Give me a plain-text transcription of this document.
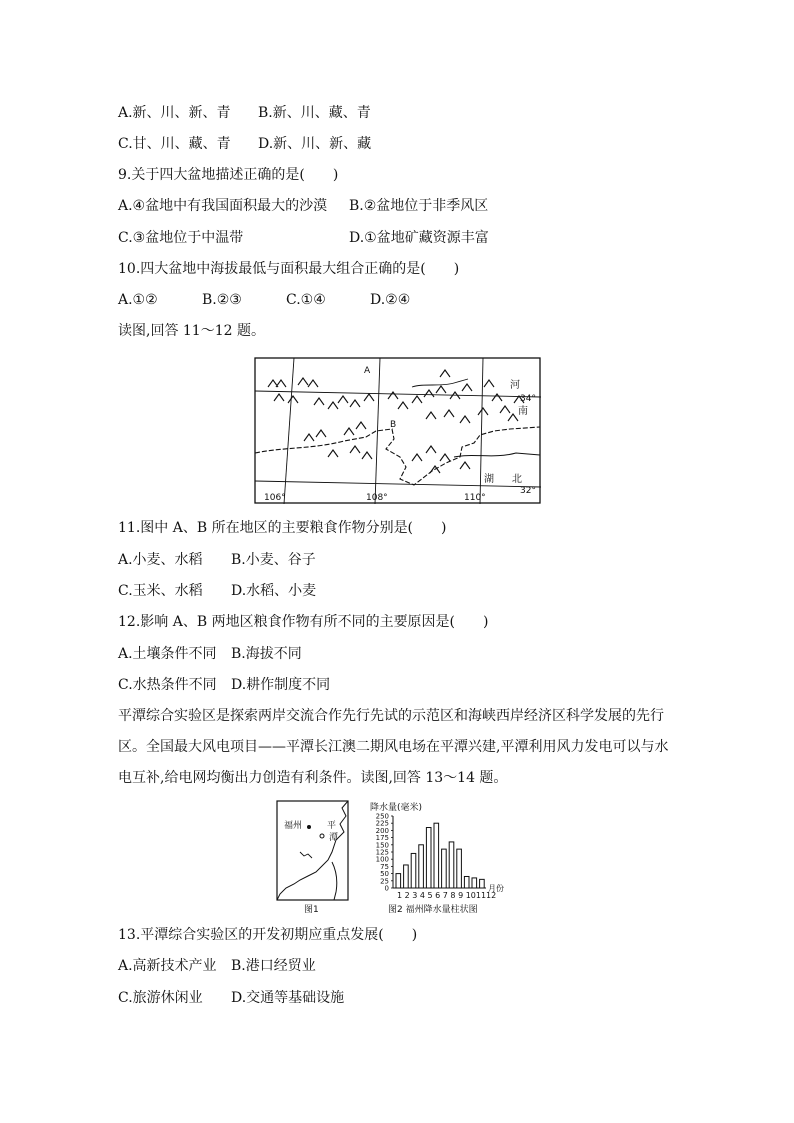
A.新、川、新、青 B.新、川、藏、青
C.甘、川、藏、青 D.新、川、新、藏
9.关于四大盆地描述正确的是(　　)
A.④盆地中有我国面积最大的沙漠 B.②盆地位于非季风区
C.③盆地位于中温带	D.①盆地矿藏资源丰富
10.四大盆地中海拔最低与面积最大组合正确的是(　　)
A.①②	B.②③	C.①④	D.②④
读图,回答 11～12 题。
A
B
河
南
湖 北
34°
32°
106°	108°	110°
11.图中 A、B 所在地区的主要粮食作物分别是(　　)
A.小麦、水稻 B.小麦、谷子
C.玉米、水稻 D.水稻、小麦
12.影响 A、B 两地区粮食作物有所不同的主要原因是(　　)
A.土壤条件不同 B.海拔不同
C.水热条件不同 D.耕作制度不同
平潭综合实验区是探索两岸交流合作先行先试的示范区和海峡西岸经济区科学发展的先行
区。全国最大风电项目——平潭长江澳二期风电场在平潭兴建,平潭利用风力发电可以与水
电互补,给电网均衡出力创造有利条件。读图,回答 13～14 题。
福州	平
潭
图1
降水量(毫米)
0
25
50
75
100
125
150
175
200
225
250
1 2 3 4 5 6 7 8 9 101112
月份
图2 福州降水量柱状图
13.平潭综合实验区的开发初期应重点发展(　　)
A.高新技术产业 B.港口经贸业
C.旅游休闲业 D.交通等基础设施
